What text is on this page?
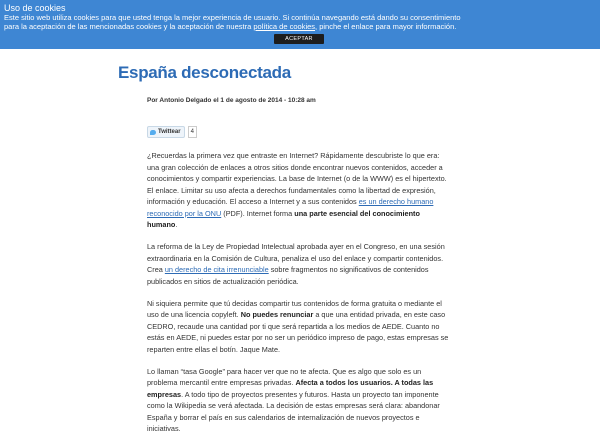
Uso de cookies
Este sitio web utiliza cookies para que usted tenga la mejor experiencia de usuario. Si continúa navegando está dando su consentimiento
para la aceptación de las mencionadas cookies y la aceptación de nuestra política de cookies, pinche el enlace para mayor información.
ACEPTAR
España desconectada
Por Antonio Delgado el 1 de agosto de 2014 - 10:28 am
Twittear	4

¿Recuerdas la primera vez que entraste en Internet? Rápidamente descubriste lo que era: una gran colección de enlaces a otros sitios donde encontrar nuevos contenidos, acceder a conocimientos y compartir experiencias. La base de Internet (o de la WWW) es el hipertexto. El enlace. Limitar su uso afecta a derechos fundamentales como la libertad de expresión, información y educación. El acceso a Internet y a sus contenidos es un derecho humano reconocido por la ONU (PDF). Internet forma una parte esencial del conocimiento humano.

La reforma de la Ley de Propiedad Intelectual aprobada ayer en el Congreso, en una sesión extraordinaria en la Comisión de Cultura, penaliza el uso del enlace y compartir contenidos. Crea un derecho de cita irrenunciable sobre fragmentos no significativos de contenidos publicados en sitios de actualización periódica.

Ni siquiera permite que tú decidas compartir tus contenidos de forma gratuita o mediante el uso de una licencia copyleft. No puedes renunciar a que una entidad privada, en este caso CEDRO, recaude una cantidad por ti que será repartida a los medios de AEDE. Cuanto no estás en AEDE, ni puedes estar por no ser un periódico impreso de pago, estas empresas se reparten entre ellas el botín. Jaque Mate.

Lo llaman “tasa Google” para hacer ver que no te afecta. Que es algo que solo es un problema mercantil entre empresas privadas. Afecta a todos los usuarios. A todas las empresas. A todo tipo de proyectos presentes y futuros. Hasta un proyecto tan imponente como la Wikipedia se verá afectada. La decisión de estas empresas será clara: abandonar España y borrar el país en sus calendarios de internalización de nuevos proyectos e iniciativas.
